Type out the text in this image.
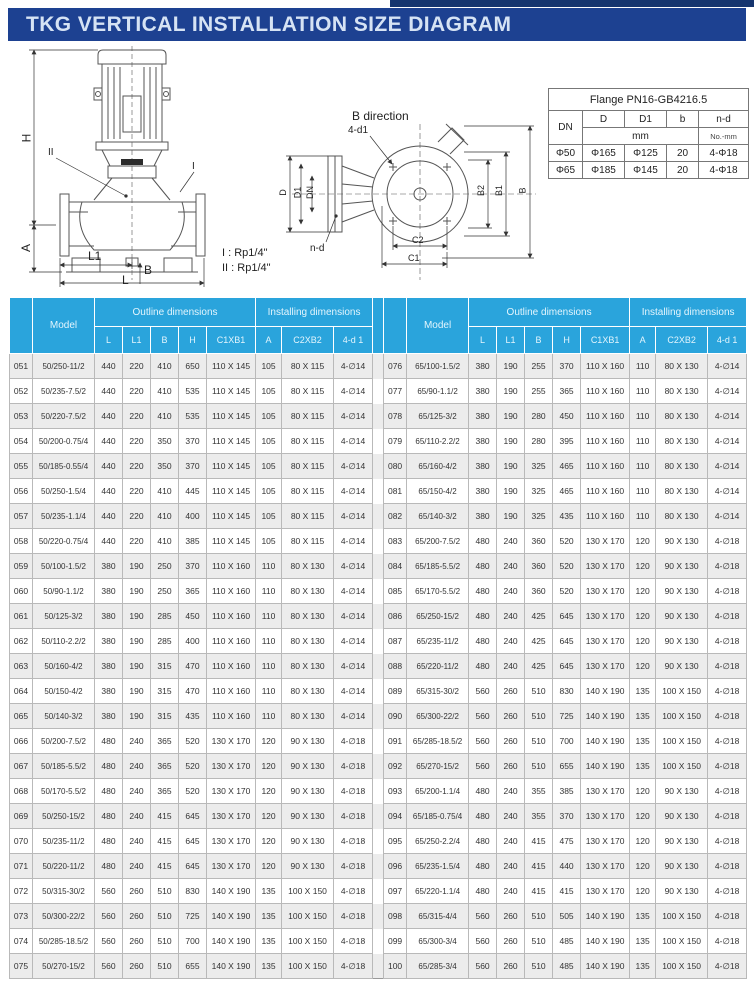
TKG VERTICAL INSTALLATION SIZE DIAGRAM
H
A
L1
L
B
II
I
B direction
4-d1
D D1 DN
n-d
B2 B1 B
C2
C1
I : Rp1/4"
II : Rp1/4"
Flange PN16-GB4216.5				
DN	D	D1	b	n-d
	mm			No.-mm
Φ50	Φ165	Φ125	20	4-Φ18
Φ65	Φ185	Φ145	20	4-Φ18
	Model	Outline dimensions					Installing dimensions					Model	Outline dimensions					Installing dimensions		
		L	L1	B	H	C1XB1	A	C2XB2	4-d 1				L	L1	B	H	C1XB1	A	C2XB2	4-d 1
051	50/250-11/2	440	220	410	650	110 X 145	105	80 X 115	4-∅14		076	65/100-1.5/2	380	190	255	370	110 X 160	110	80 X 130	4-∅14
052	50/235-7.5/2	440	220	410	535	110 X 145	105	80 X 115	4-∅14		077	65/90-1.1/2	380	190	255	365	110 X 160	110	80 X 130	4-∅14
053	50/220-7.5/2	440	220	410	535	110 X 145	105	80 X 115	4-∅14		078	65/125-3/2	380	190	280	450	110 X 160	110	80 X 130	4-∅14
054	50/200-0.75/4	440	220	350	370	110 X 145	105	80 X 115	4-∅14		079	65/110-2.2/2	380	190	280	395	110 X 160	110	80 X 130	4-∅14
055	50/185-0.55/4	440	220	350	370	110 X 145	105	80 X 115	4-∅14		080	65/160-4/2	380	190	325	465	110 X 160	110	80 X 130	4-∅14
056	50/250-1.5/4	440	220	410	445	110 X 145	105	80 X 115	4-∅14		081	65/150-4/2	380	190	325	465	110 X 160	110	80 X 130	4-∅14
057	50/235-1.1/4	440	220	410	400	110 X 145	105	80 X 115	4-∅14		082	65/140-3/2	380	190	325	435	110 X 160	110	80 X 130	4-∅14
058	50/220-0.75/4	440	220	410	385	110 X 145	105	80 X 115	4-∅14		083	65/200-7.5/2	480	240	360	520	130 X 170	120	90 X 130	4-∅18
059	50/100-1.5/2	380	190	250	370	110 X 160	110	80 X 130	4-∅14		084	65/185-5.5/2	480	240	360	520	130 X 170	120	90 X 130	4-∅18
060	50/90-1.1/2	380	190	250	365	110 X 160	110	80 X 130	4-∅14		085	65/170-5.5/2	480	240	360	520	130 X 170	120	90 X 130	4-∅18
061	50/125-3/2	380	190	285	450	110 X 160	110	80 X 130	4-∅14		086	65/250-15/2	480	240	425	645	130 X 170	120	90 X 130	4-∅18
062	50/110-2.2/2	380	190	285	400	110 X 160	110	80 X 130	4-∅14		087	65/235-11/2	480	240	425	645	130 X 170	120	90 X 130	4-∅18
063	50/160-4/2	380	190	315	470	110 X 160	110	80 X 130	4-∅14		088	65/220-11/2	480	240	425	645	130 X 170	120	90 X 130	4-∅18
064	50/150-4/2	380	190	315	470	110 X 160	110	80 X 130	4-∅14		089	65/315-30/2	560	260	510	830	140 X 190	135	100 X 150	4-∅18
065	50/140-3/2	380	190	315	435	110 X 160	110	80 X 130	4-∅14		090	65/300-22/2	560	260	510	725	140 X 190	135	100 X 150	4-∅18
066	50/200-7.5/2	480	240	365	520	130 X 170	120	90 X 130	4-∅18		091	65/285-18.5/2	560	260	510	700	140 X 190	135	100 X 150	4-∅18
067	50/185-5.5/2	480	240	365	520	130 X 170	120	90 X 130	4-∅18		092	65/270-15/2	560	260	510	655	140 X 190	135	100 X 150	4-∅18
068	50/170-5.5/2	480	240	365	520	130 X 170	120	90 X 130	4-∅18		093	65/200-1.1/4	480	240	355	385	130 X 170	120	90 X 130	4-∅18
069	50/250-15/2	480	240	415	645	130 X 170	120	90 X 130	4-∅18		094	65/185-0.75/4	480	240	355	370	130 X 170	120	90 X 130	4-∅18
070	50/235-11/2	480	240	415	645	130 X 170	120	90 X 130	4-∅18		095	65/250-2.2/4	480	240	415	475	130 X 170	120	90 X 130	4-∅18
071	50/220-11/2	480	240	415	645	130 X 170	120	90 X 130	4-∅18		096	65/235-1.5/4	480	240	415	440	130 X 170	120	90 X 130	4-∅18
072	50/315-30/2	560	260	510	830	140 X 190	135	100 X 150	4-∅18		097	65/220-1.1/4	480	240	415	415	130 X 170	120	90 X 130	4-∅18
073	50/300-22/2	560	260	510	725	140 X 190	135	100 X 150	4-∅18		098	65/315-4/4	560	260	510	505	140 X 190	135	100 X 150	4-∅18
074	50/285-18.5/2	560	260	510	700	140 X 190	135	100 X 150	4-∅18		099	65/300-3/4	560	260	510	485	140 X 190	135	100 X 150	4-∅18
075	50/270-15/2	560	260	510	655	140 X 190	135	100 X 150	4-∅18		100	65/285-3/4	560	260	510	485	140 X 190	135	100 X 150	4-∅18
